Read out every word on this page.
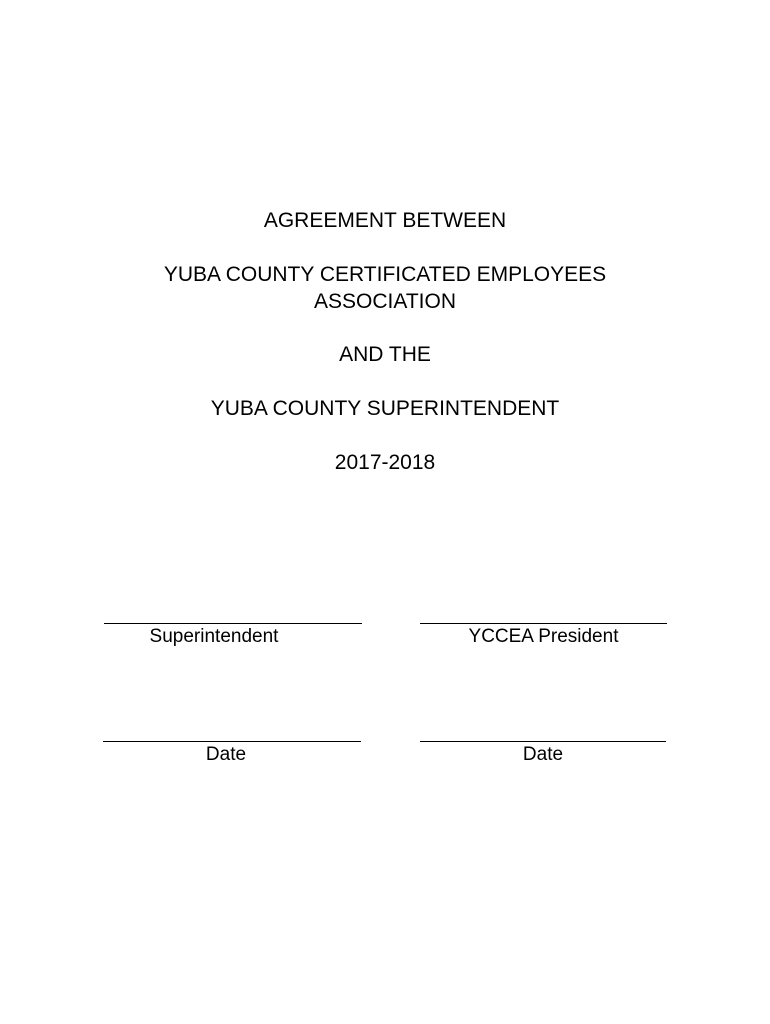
AGREEMENT BETWEEN
YUBA COUNTY CERTIFICATED EMPLOYEES
ASSOCIATION
AND THE
YUBA COUNTY SUPERINTENDENT
2017-2018
Superintendent	YCCEA President
Date	Date
